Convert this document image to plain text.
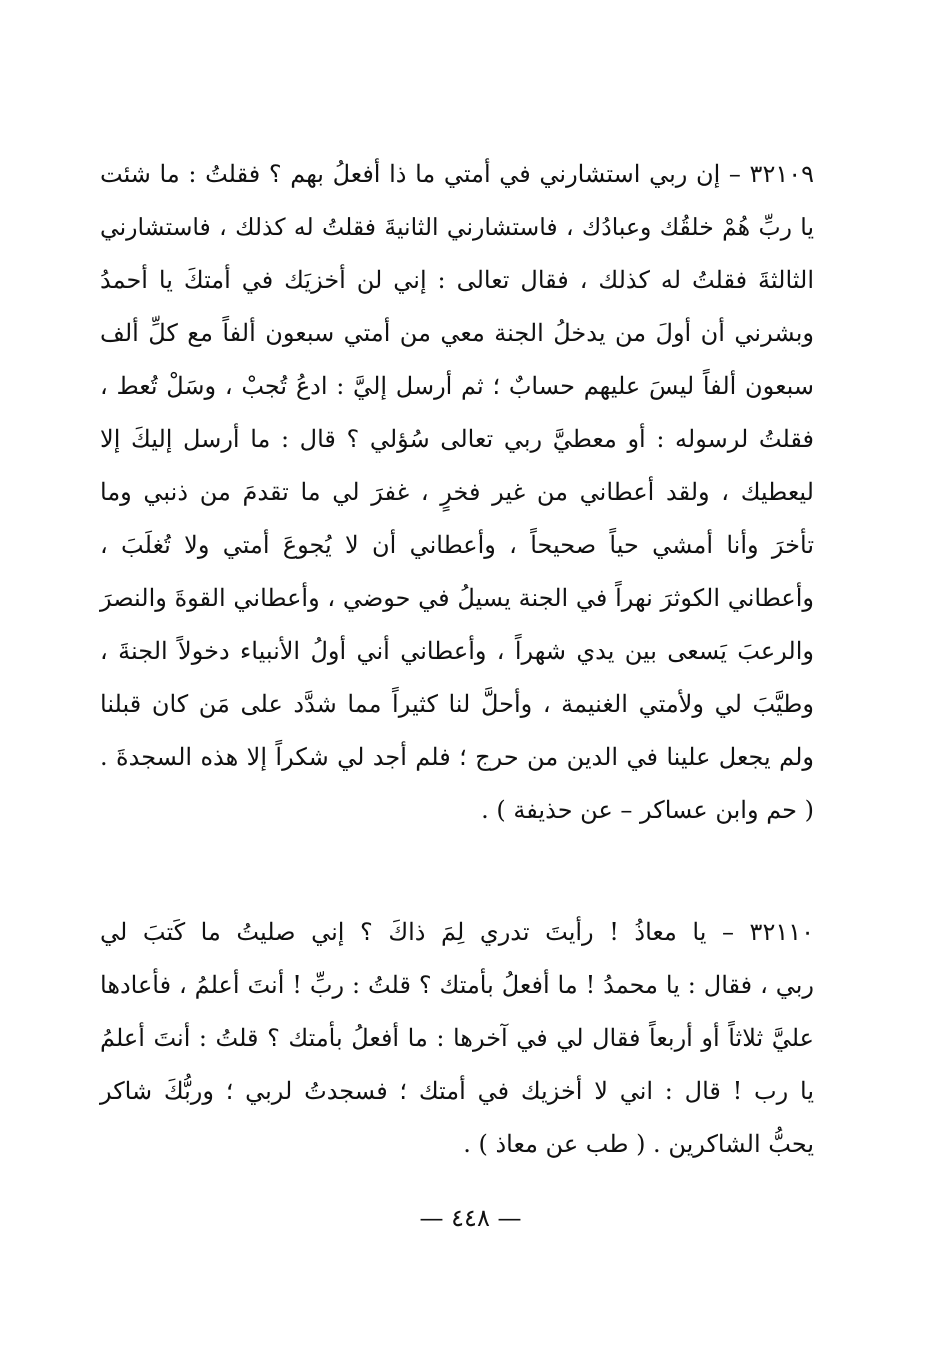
٣٢١٠٩ – إن ربي استشارني في أمتي ما ذا أفعلُ بهم ؟ فقلتُ : ما شئت
يا ربِّ هُمْ خلقُك وعبادُك ، فاستشارني الثانيةَ فقلتُ له كذلك ، فاستشارني
الثالثةَ فقلتُ له كذلك ، فقال تعالى : إني لن أخزيَك في أمتكَ يا أحمدُ
وبشرني أن أولَ من يدخلُ الجنة معي من أمتي سبعون ألفاً مع كلِّ ألف
سبعون ألفاً ليسَ عليهم حسابٌ ؛ ثم أرسل إليَّ : ادعُ تُجبْ ، وسَلْ تُعط ،
فقلتُ لرسوله : أو معطيَّ ربي تعالى سُؤلي ؟ قال : ما أرسل إليكَ إلا
ليعطيك ، ولقد أعطاني من غير فخرٍ ، غفرَ لي ما تقدمَ من ذنبي وما
تأخرَ وأنا أمشي حياً صحيحاً ، وأعطاني أن لا يُجوعَ أمتي ولا تُغلَبَ ،
وأعطاني الكوثرَ نهراً في الجنة يسيلُ في حوضي ، وأعطاني القوةَ والنصرَ
والرعبَ يَسعى بين يدي شهراً ، وأعطاني أني أولُ الأنبياء دخولاً الجنةَ ،
وطيَّبَ لي ولأمتي الغنيمة ، وأحلَّ لنا كثيراً مما شدَّد على مَن كان قبلنا
ولم يجعل علينا في الدين من حرج ؛ فلم أجد لي شكراً إلا هذه السجدةَ .
( حم وابن عساكر – عن حذيفة ) .
٣٢١١٠ – يا معاذُ ! رأيتَ تدري لِمَ ذاكَ ؟ إني صليتُ ما كَتبَ لي
ربي ، فقال : يا محمدُ ! ما أفعلُ بأمتك ؟ قلتُ : ربِّ ! أنتَ أعلمُ ، فأعادها
عليَّ ثلاثاً أو أربعاً فقال لي في آخرها : ما أفعلُ بأمتك ؟ قلتُ : أنتَ أعلمُ
يا رب ! قال : اني لا أخزيك في أمتك ؛ فسجدتُ لربي ؛ وربُّكَ شاكر
يحبُّ الشاكرين . ( طب عن معاذ ) .
— ٤٤٨ —
